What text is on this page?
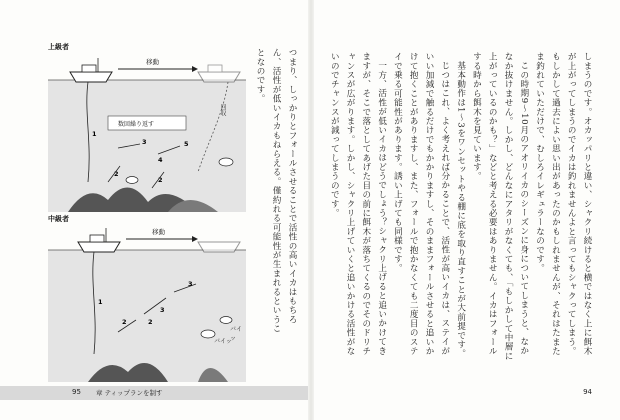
上級者
移動
回収
数回繰り返す
1
2
2
3
4
5
中級者
移動
1
2
3
2
3
バイッ
バイッ

つまり、しっかりとフォールさせることで活性の高いイカはもちろん、活性が低いイカもねらえる。僅約れる可能性が生まれるということなのです。

95 章 ティップランを制す

しまうのです。オカッパリと違い、シャクリ続けると横ではなく上に餌木が上がってしまうのでイカは釣れませんよと言ってもシャクってしまう。もしかして過去によい思い出があったのかもしれませんが、それはたまたま釣れていただけで、むしろイレギュラーなのです。

この時期9～10月のアオリイカのシーズンに身についてしまうと、なかなか抜けません。しかし、どんなにアタリがなくても、「もしかして中層に上がっているのかも？」などと考える必要はありません。イカはフォールする時から餌木を見ています。

基本動作は1～3をワンセットやる棚に底を取り直すことが大前提です。

じつはこれ、よく考えれば分かることで、活性が高いイカは、ステイがいい加減で触るだけでもかかりますし、そのままフォールさせると追いかけて抱くことがありますし、また、フォールで抱かなくても二度目のステイで乗る可能性があります。誘い上げても同様です。

一方、活性が低いイカはどうでしょう？シャクリ上げると追いかけてきますが、そこで落としてあげた目の前に餌木が落ちてくるのでそのドリチャンスが広がります。しかし、シャクリ上げていくと追いかける活性がないのでチャンスが減ってしまうのです。

94
